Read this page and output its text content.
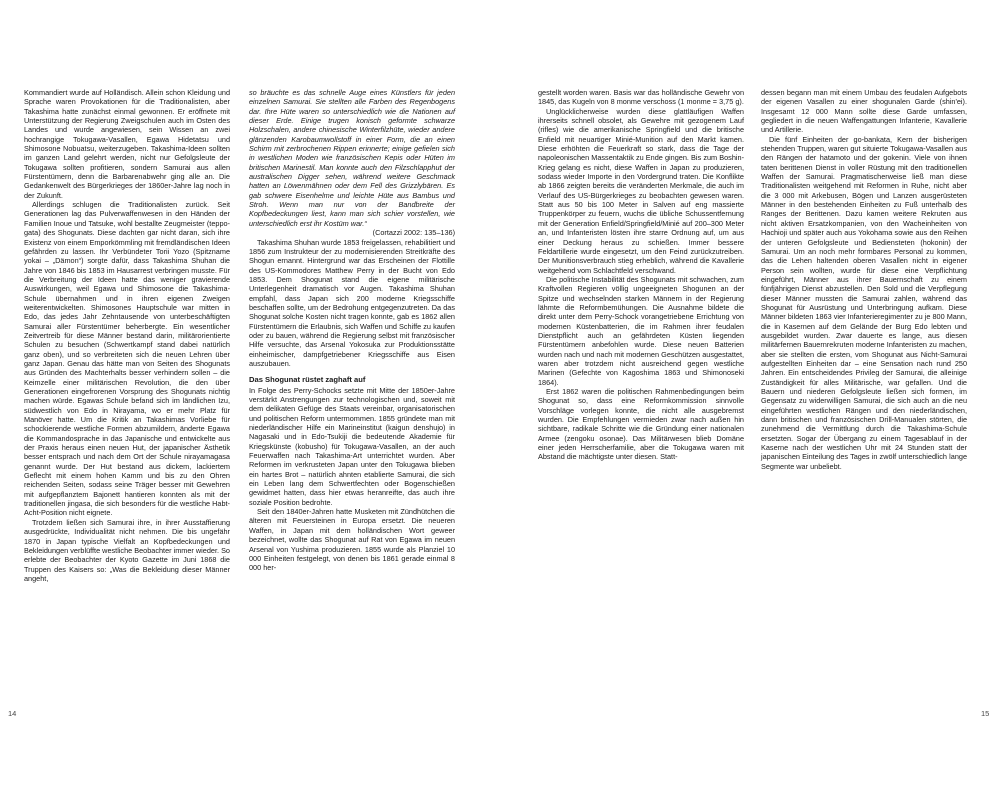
Kommandiert wurde auf Holländisch. Allein schon Kleidung und Sprache waren Provokationen für die Traditionalisten, aber Takashima hatte zunächst einmal gewonnen. Er eröffnete mit Unterstützung der Regierung Zweigschulen auch im Osten des Landes und wurde angewiesen, sein Wissen an zwei hochrangige Tokugawa-Vasallen, Egawa Hidetatsu und Shimosone Nobuatsu, weiterzugeben. Takashima-Ideen sollten im ganzen Land gelehrt werden, nicht nur Gefolgsleute der Tokugawa sollten profitieren, sondern Samurai aus allen Fürstentümern, denn die Barbarenabwehr ging alle an. Die Gedankenwelt des Bürgerkrieges der 1860er-Jahre lag noch in der Zukunft.

Allerdings schlugen die Traditionalisten zurück. Seit Generationen lag das Pulverwaffenwesen in den Händen der Familien Inoue und Tatsuke, wohl bestallte Zeugmeister (teppo-gata) des Shogunats. Diese dachten gar nicht daran, sich ihre Existenz von einem Emporkömmling mit fremdländischen Ideen gefährden zu lassen. Ihr Verbündeter Torii Yozo (Spitzname yokai – „Dämon“) sorgte dafür, dass Takashima Shuhan die Jahre von 1846 bis 1853 im Hausarrest verbringen musste. Für die Verbreitung der Ideen hatte das weniger gravierende Auswirkungen, weil Egawa und Shimosone die Takashima-Schule übernahmen und in ihren eigenen Zweigen weiterentwickelten. Shimosones Hauptschule war mitten in Edo, das jedes Jahr Zehntausende von unterbeschäftigten Samurai aller Fürstentümer beherbergte. Ein wesentlicher Zeitvertreib für diese Männer bestand darin, militärorientierte Schulen zu besuchen (Schwertkampf stand dabei natürlich ganz oben), und so verbreiteten sich die neuen Lehren über ganz Japan. Genau das hätte man von Seiten des Shogunats aus Gründen des Machterhalts besser verhindern sollen – die Keimzelle einer militärischen Revolution, die den über Generationen eingefrorenen Vorsprung des Shogunats nichtig machen würde. Egawas Schule befand sich im ländlichen Izu, südwestlich von Edo in Nirayama, wo er mehr Platz für Manöver hatte. Um die Kritik an Takashimas Vorliebe für schockierende westliche Formen abzumildern, änderte Egawa die Kommandosprache in das Japanische und entwickelte aus der Praxis heraus einen neuen Hut, der japanischer Ästhetik besser entsprach und nach dem Ort der Schule nirayamagasa genannt wurde. Der Hut bestand aus dickem, lackiertem Geflecht mit einem hohen Kamm und bis zu den Ohren reichenden Seiten, sodass seine Träger besser mit Gewehren mit aufgepflanztem Bajonett hantieren konnten als mit der traditionellen jingasa, die sich besonders für die westliche Habt-Acht-Position nicht eignete.

Trotzdem ließen sich Samurai ihre, in ihrer Ausstaffierung ausgedrückte, Individualität nicht nehmen. Die bis ungefähr 1870 in Japan typische Vielfalt an Kopfbedeckungen und Bekleidungen verblüffte westliche Beobachter immer wieder. So erlebte der Beobachter der Kyoto Gazette im Juni 1868 die Truppen des Kaisers so: „Was die Bekleidung dieser Männer angeht,

so bräuchte es das schnelle Auge eines Künstlers für jeden einzelnen Samurai. Sie stellten alle Farben des Regenbogens dar. Ihre Hüte waren so unterschiedlich wie die Nationen auf dieser Erde. Einige trugen konisch geformte schwarze Holzschalen, andere chinesische Winterfilzhüte, wieder andere glänzenden Karobaumwollstoff in einer Form, die an einen Schirm mit zerbrochenen Rippen erinnerte; einige gefielen sich in westlichen Moden wie französischen Kepis oder Hüten im britischen Marinestil. Man konnte auch den Filzschlapphut der australischen Digger sehen, während weitere Geschmack hatten an Löwenmähnen oder dem Fell des Grizzlybären. Es gab schwere Eisenhelme und leichte Hüte aus Bambus und Stroh. Wenn man nur von der Bandbreite der Kopfbedeckungen liest, kann man sich schier vorstellen, wie unterschiedlich erst ihr Kostüm war.“

(Cortazzi 2002: 135–136)

Takashima Shuhan wurde 1853 freigelassen, rehabilitiert und 1856 zum Instrukteur der zu modernisierenden Streitkräfte des Shogun ernannt. Hintergrund war das Erscheinen der Flottille des US-Kommodores Matthew Perry in der Bucht von Edo 1853. Dem Shogunat stand die eigene militärische Unterlegenheit dramatisch vor Augen. Takashima Shuhan empfahl, dass Japan sich 200 moderne Kriegsschiffe beschaffen sollte, um der Bedrohung entgegenzutreten. Da das Shogunat solche Kosten nicht tragen konnte, gab es 1862 allen Fürstentümern die Erlaubnis, sich Waffen und Schiffe zu kaufen oder zu bauen, während die Regierung selbst mit französischer Hilfe versuchte, das Arsenal Yokosuka zur Produktionsstätte einheimischer, dampfgetriebener Kriegsschiffe aus Eisen auszubauen.

Das Shogunat rüstet zaghaft auf

In Folge des Perry-Schocks setzte mit Mitte der 1850er-Jahre verstärkt Anstrengungen zur technologischen und, soweit mit dem delikaten Gefüge des Staats vereinbar, organisatorischen und politischen Reform untermommen. 1855 gründete man mit niederländischer Hilfe ein Marineinstitut (kaigun denshujo) in Nagasaki und in Edo-Tsukiji die bedeutende Akademie für Kriegskünste (kobusho) für Tokugawa-Vasallen, an der auch Feuerwaffen nach Takashima-Art unterrichtet wurden. Aber Reformen im verkrusteten Japan unter den Tokugawa blieben ein hartes Brot – natürlich ahnten etablierte Samurai, die sich ein Leben lang dem Schwertfechten oder Bogenschießen gewidmet hatten, dass hier etwas heranreifte, das auch ihre soziale Position bedrohte.

Seit den 1840er-Jahren hatte Musketen mit Zündhütchen die älteren mit Feuersteinen in Europa ersetzt. Die neueren Waffen, in Japan mit dem holländischen Wort geweer bezeichnet, wollte das Shogunat auf Rat von Egawa im neuen Arsenal von Yushima produzieren. 1855 wurde als Planziel 10 000 Einheiten festgelegt, von denen bis 1861 gerade einmal 8 000 her-

14

gestellt worden waren. Basis war das holländische Gewehr von 1845, das Kugeln von 8 monme verschoss (1 monme = 3,75 g).

Unglücklicherweise wurden diese glattläufigen Waffen ihrerseits schnell obsolet, als Gewehre mit gezogenem Lauf (rifles) wie die amerikanische Springfield und die britische Enfield mit neuartiger Minié-Munition auf den Markt kamen. Diese erhöhten die Feuerkraft so stark, dass die Tage der napoleonischen Massentaktik zu Ende gingen. Bis zum Boshin-Krieg gelang es nicht, diese Waffen in Japan zu produzieren, sodass wieder Importe in den Vordergrund traten. Die Konflikte ab 1866 zeigten bereits die veränderten Merkmale, die auch im Verlauf des US-Bürgerkrieges zu beobachten gewesen waren. Statt aus 50 bis 100 Meter in Salven auf eng massierte Truppenkörper zu feuern, wuchs die übliche Schussentfernung mit der Generation Enfield/Springfield/Minié auf 200–300 Meter an, und Infanteristen lösten ihre starre Ordnung auf, um aus einer Deckung heraus zu schießen. Immer bessere Feldartillerie wurde eingesetzt, um den Feind zurückzutreiben. Der Munitionsverbrauch stieg erheblich, während die Kavallerie weitgehend vom Schlachtfeld verschwand.

Die politische Instabilität des Shogunats mit schwachen, zum Kraftvollen Regieren völlig ungeeigneten Shogunen an der Spitze und wechselnden starken Männern in der Regierung lähmte die Reformbemühungen. Die Ausnahme bildete die direkt unter dem Perry-Schock vorangetriebene Errichtung von modernen Küstenbatterien, die im Rahmen ihrer feudalen Dienstpflicht auch an gefährdeten Küsten liegenden Fürstentümern anbefohlen wurde. Diese neuen Batterien wurden nach und nach mit modernen Geschützen ausgestattet, waren aber trotzdem nicht ausreichend gegen westliche Marinen (Gefechte von Kagoshima 1863 und Shimonoseki 1864).

Erst 1862 waren die politischen Rahmenbedingungen beim Shogunat so, dass eine Reformkommission sinnvolle Vorschläge vorlegen konnte, die nicht alle ausgebremst wurden. Die Empfehlungen vermieden zwar nach außen hin sichtbare, radikale Schritte wie die Gründung einer nationalen Armee (zengoku osonae). Das Militärwesen blieb Domäne einer jeden Herrscherfamilie, aber die Tokugawa waren mit Abstand die mächtigste unter diesen. Statt-

dessen begann man mit einem Umbau des feudalen Aufgebots der eigenen Vasallen zu einer shogunalen Garde (shin'ei). Insgesamt 12 000 Mann sollte diese Garde umfassen, gegliedert in die neuen Waffengattungen Infanterie, Kavallerie und Artillerie.

Die fünf Einheiten der go-bankata, Kern der bisherigen stehenden Truppen, waren gut situierte Tokugawa-Vasallen aus den Rängen der hatamoto und der gokenin. Viele von ihnen taten berittenen Dienst in voller Rüstung mit den traditionellen Waffen der Samurai. Pragmatischerweise ließ man diese Traditionalisten weitgehend mit Reformen in Ruhe, nicht aber die 3 000 mit Arkebusen, Bögen und Lanzen ausgerüsteten Männer in den bestehenden Einheiten zu Fuß unterhalb des Ranges der Berittenen. Dazu kamen weitere Rekruten aus nicht aktiven Ersatzkompanien, von den Wacheinheiten von Hachioji und später auch aus Yokohama sowie aus den Reihen der unteren Gefolgsleute und Bediensteten (hokonin) der Samurai. Um an noch mehr formbares Personal zu kommen, das die Lehen haltenden oberen Vasallen nicht in eigener Person sein wollten, wurde für diese eine Verpflichtung eingeführt, Männer aus ihrer Bauernschaft zu einem fünfjährigen Dienst abzustellen. Den Sold und die Verpflegung dieser Männer mussten die Samurai zahlen, während das Shogunat für Ausrüstung und Unterbringung aufkam. Diese Männer bildeten 1863 vier Infanterieregimenter zu je 800 Mann, die in Kasernen auf dem Gelände der Burg Edo lebten und ausgebildet wurden. Zwar dauerte es lange, aus diesen militärfernen Bauernrekruten moderne Infanteristen zu machen, aber sie stellten die ersten, vom Shogunat aus Nicht-Samurai aufgestellten Einheiten dar – eine Sensation nach rund 250 Jahren. Ein entscheidendes Privileg der Samurai, die alleinige Zuständigkeit für alles Militärische, war gefallen. Und die Bauern und niederen Gefolgsleute ließen sich formen, im Gegensatz zu widerwilligen Samurai, die sich auch an die neu eingeführten westlichen Rängen und den niederländischen, dann britischen und französischen Drill-Manualen störten, die zunehmend die Vermittlung durch die Takashima-Schule ersetzten. Sogar der Übergang zu einem Tagesablauf in der Kaserne nach der westlichen Uhr mit 24 Stunden statt der japanischen Einteilung des Tages in zwölf unterschiedlich lange Segmente war unbeliebt.

15
